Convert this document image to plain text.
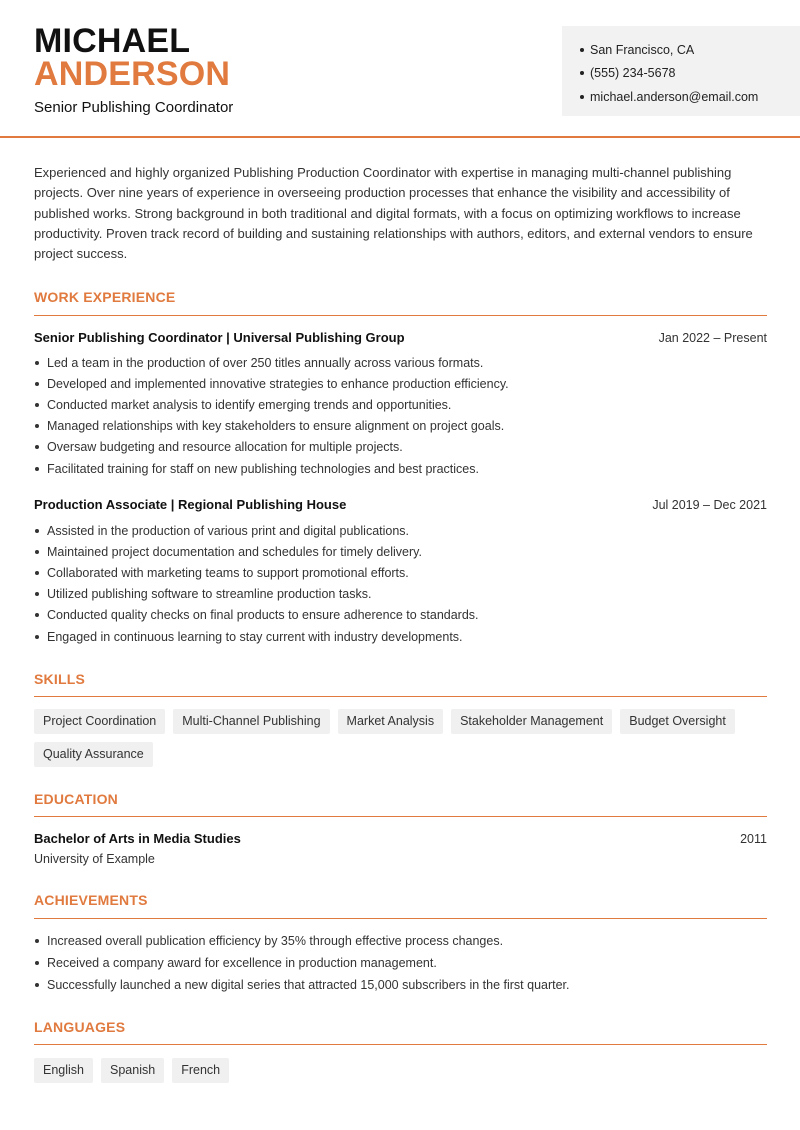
MICHAEL
ANDERSON
Senior Publishing Coordinator
San Francisco, CA
(555) 234-5678
michael.anderson@email.com
Experienced and highly organized Publishing Production Coordinator with expertise in managing multi-channel publishing projects. Over nine years of experience in overseeing production processes that enhance the visibility and accessibility of published works. Strong background in both traditional and digital formats, with a focus on optimizing workflows to increase productivity. Proven track record of building and sustaining relationships with authors, editors, and external vendors to ensure project success.
WORK EXPERIENCE
Senior Publishing Coordinator | Universal Publishing Group	Jan 2022 – Present
Led a team in the production of over 250 titles annually across various formats.
Developed and implemented innovative strategies to enhance production efficiency.
Conducted market analysis to identify emerging trends and opportunities.
Managed relationships with key stakeholders to ensure alignment on project goals.
Oversaw budgeting and resource allocation for multiple projects.
Facilitated training for staff on new publishing technologies and best practices.
Production Associate | Regional Publishing House	Jul 2019 – Dec 2021
Assisted in the production of various print and digital publications.
Maintained project documentation and schedules for timely delivery.
Collaborated with marketing teams to support promotional efforts.
Utilized publishing software to streamline production tasks.
Conducted quality checks on final products to ensure adherence to standards.
Engaged in continuous learning to stay current with industry developments.
SKILLS
Project Coordination	Multi-Channel Publishing	Market Analysis	Stakeholder Management	Budget Oversight
Quality Assurance
EDUCATION
Bachelor of Arts in Media Studies	2011
University of Example
ACHIEVEMENTS
Increased overall publication efficiency by 35% through effective process changes.
Received a company award for excellence in production management.
Successfully launched a new digital series that attracted 15,000 subscribers in the first quarter.
LANGUAGES
English	Spanish	French
